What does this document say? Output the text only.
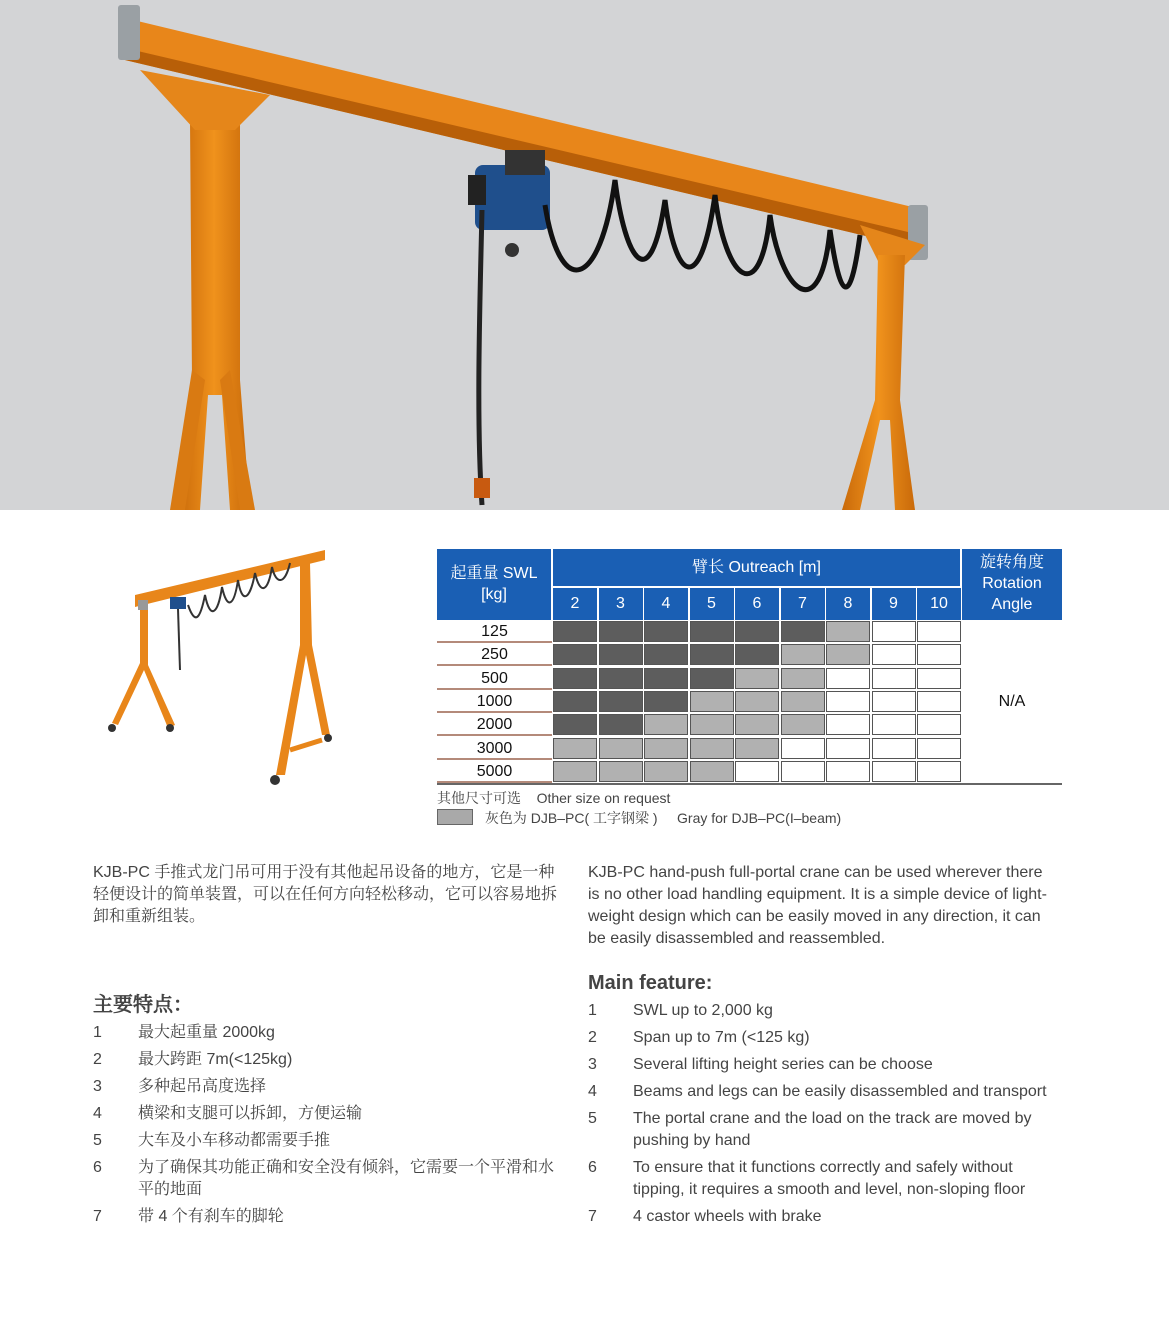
起重量 SWL
[kg]
臂长 Outreach [m]
2	3	4	5	6	7	8	9	10
旋转角度
Rotation
Angle
N/A
125
250
500
1000
2000
3000
5000
其他尺寸可选 Other size on request
灰色为 DJB–PC( 工字钢梁 ) Gray for DJB–PC(I–beam)

KJB-PC 手推式龙门吊可用于没有其他起吊设备的地方，它是一种轻便设计的简单装置，可以在任何方向轻松移动，它可以容易地拆卸和重新组装。

主要特点：

1 最大起重量 2000kg
2 最大跨距 7m(<125kg)
3 多种起吊高度选择
4 横梁和支腿可以拆卸，方便运输
5 大车及小车移动都需要手推
6 为了确保其功能正确和安全没有倾斜，它需要一个平滑和水平的地面
7 带 4 个有刹车的脚轮

KJB-PC hand-push full-portal crane can be used wherever there is no other load handling equipment. It is a simple device of light-weight design which can be easily moved in any direction, it can be easily disassembled and reassembled.

Main feature:

1 SWL up to 2,000 kg
2 Span up to 7m (<125 kg)
3 Several lifting height series can be choose
4 Beams and legs can be easily disassembled and transport
5 The portal crane and the load on the track are moved by pushing by hand
6 To ensure that it functions correctly and safely without tipping, it requires a smooth and level, non-sloping floor
7 4 castor wheels with brake
